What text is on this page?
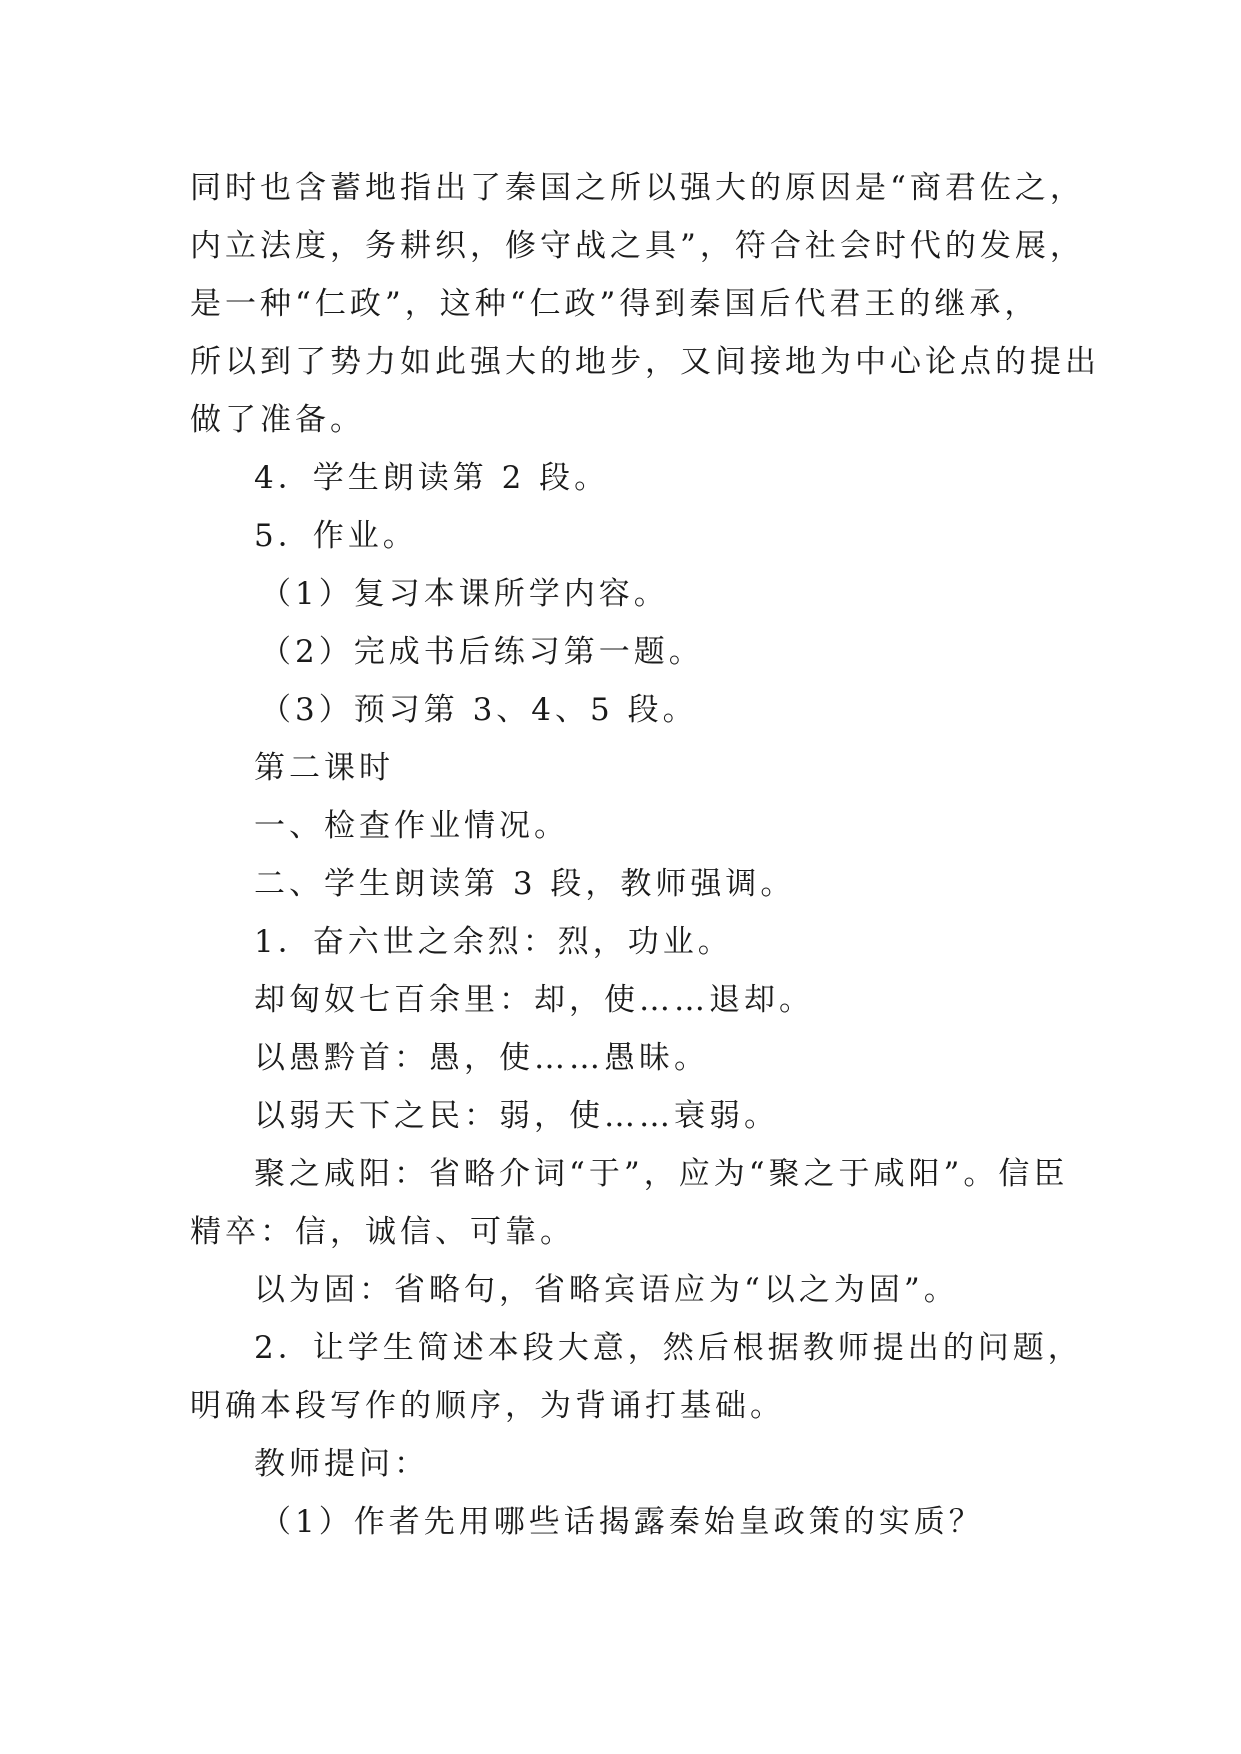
同时也含蓄地指出了秦国之所以强大的原因是“商君佐之，
内立法度，务耕织，修守战之具”，符合社会时代的发展，
是一种“仁政”，这种“仁政”得到秦国后代君王的继承，
所以到了势力如此强大的地步，又间接地为中心论点的提出
做了准备。
4．学生朗读第 2 段。
5．作业。
（1）复习本课所学内容。
（2）完成书后练习第一题。
（3）预习第 3、4、5 段。
第二课时
一、检查作业情况。
二、学生朗读第 3 段，教师强调。
1．奋六世之余烈：烈，功业。
却匈奴七百余里：却，使……退却。
以愚黔首：愚，使……愚昧。
以弱天下之民：弱，使……衰弱。
聚之咸阳：省略介词“于”，应为“聚之于咸阳”。信臣
精卒：信，诚信、可靠。
以为固：省略句，省略宾语应为“以之为固”。
2．让学生简述本段大意，然后根据教师提出的问题，
明确本段写作的顺序，为背诵打基础。
教师提问：
（1）作者先用哪些话揭露秦始皇政策的实质？
